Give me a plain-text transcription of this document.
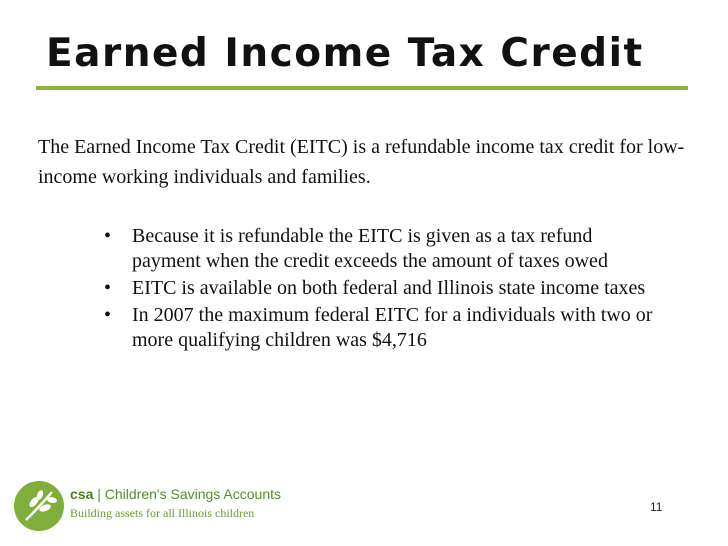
Earned Income Tax Credit
The Earned Income Tax Credit (EITC) is a refundable income tax credit for low-income working individuals and families.
• Because it is refundable the EITC is given as a tax refund payment when the credit exceeds the amount of taxes owed
• EITC is available on both federal and Illinois state income taxes
• In 2007 the maximum federal EITC for a individuals with two or more qualifying children was $4,716
csa | Children's Savings Accounts
Building assets for all Illinois children	11
